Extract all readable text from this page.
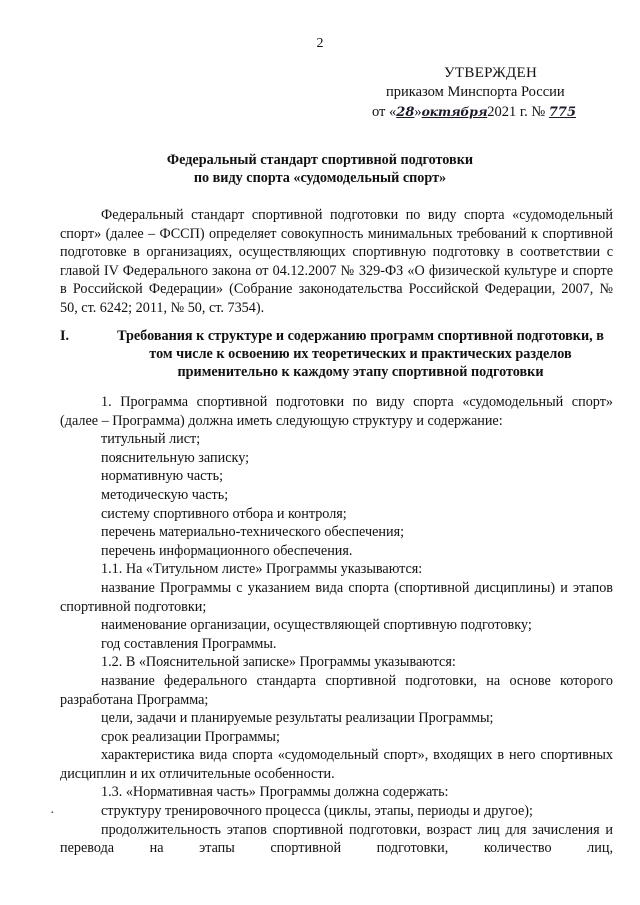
2
УТВЕРЖДЕН
приказом Минспорта России
от «28»октября2021 г. № 775
Федеральный стандарт спортивной подготовки
по виду спорта «судомодельный спорт»

Федеральный стандарт спортивной подготовки по виду спорта «судомодельный спорт» (далее – ФССП) определяет совокупность минимальных требований к спортивной подготовке в организациях, осуществляющих спортивную подготовку в соответствии с главой IV Федерального закона от 04.12.2007 № 329-ФЗ «О физической культуре и спорте в Российской Федерации» (Собрание законодательства Российской Федерации, 2007, № 50, ст. 6242; 2011, № 50, ст. 7354).

I.	Требования к структуре и содержанию программ спортивной подготовки, в том числе к освоению их теоретических и практических разделов применительно к каждому этапу спортивной подготовки

1. Программа спортивной подготовки по виду спорта «судомодельный спорт» (далее – Программа) должна иметь следующую структуру и содержание:

титульный лист;

пояснительную записку;

нормативную часть;

методическую часть;

систему спортивного отбора и контроля;

перечень материально-технического обеспечения;

перечень информационного обеспечения.

1.1. На «Титульном листе» Программы указываются:

название Программы с указанием вида спорта (спортивной дисциплины) и этапов спортивной подготовки;

наименование организации, осуществляющей спортивную подготовку;

год составления Программы.

1.2. В «Пояснительной записке» Программы указываются:

название федерального стандарта спортивной подготовки, на основе которого разработана Программа;

цели, задачи и планируемые результаты реализации Программы;

срок реализации Программы;

характеристика вида спорта «судомодельный спорт», входящих в него спортивных дисциплин и их отличительные особенности.

1.3. «Нормативная часть» Программы должна содержать:

структуру тренировочного процесса (циклы, этапы, периоды и другое);

продолжительность этапов спортивной подготовки, возраст лиц для зачисления и перевода на этапы спортивной подготовки, количество лиц,

·
